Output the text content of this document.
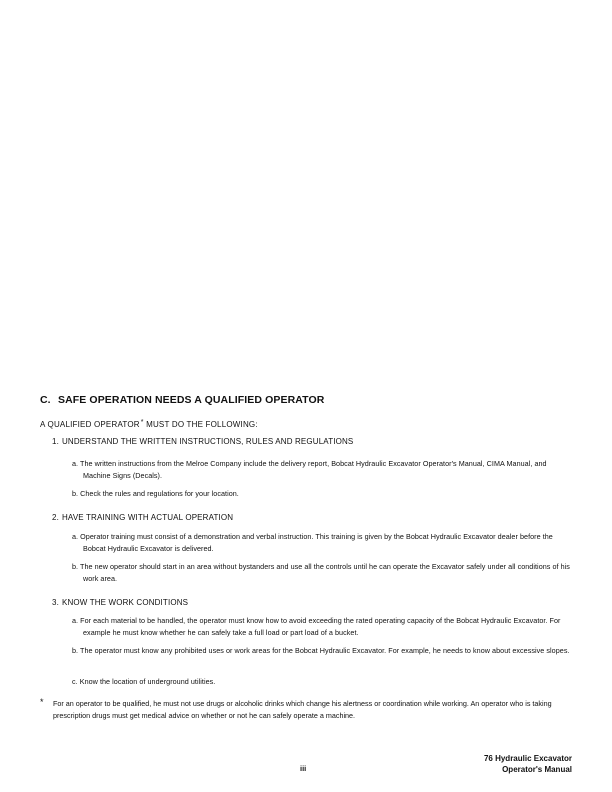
C. SAFE OPERATION NEEDS A QUALIFIED OPERATOR
A QUALIFIED OPERATOR* MUST DO THE FOLLOWING:
1. UNDERSTAND THE WRITTEN INSTRUCTIONS, RULES AND REGULATIONS
a. The written instructions from the Melroe Company include the delivery report, Bobcat Hydraulic Excavator Operator's Manual, CIMA Manual, and Machine Signs (Decals).
b. Check the rules and regulations for your location.
2. HAVE TRAINING WITH ACTUAL OPERATION
a. Operator training must consist of a demonstration and verbal instruction. This training is given by the Bobcat Hydraulic Excavator dealer before the Bobcat Hydraulic Excavator is delivered.
b. The new operator should start in an area without bystanders and use all the controls until he can operate the Excavator safely under all conditions of his work area.
3. KNOW THE WORK CONDITIONS
a. For each material to be handled, the operator must know how to avoid exceeding the rated operating capacity of the Bobcat Hydraulic Excavator. For example he must know whether he can safely take a full load or part load of a bucket.
b. The operator must know any prohibited uses or work areas for the Bobcat Hydraulic Excavator. For example, he needs to know about excessive slopes.
c. Know the location of underground utilities.
* For an operator to be qualified, he must not use drugs or alcoholic drinks which change his alertness or coordination while working. An operator who is taking prescription drugs must get medical advice on whether or not he can safely operate a machine.
iii
76 Hydraulic Excavator
Operator's Manual
